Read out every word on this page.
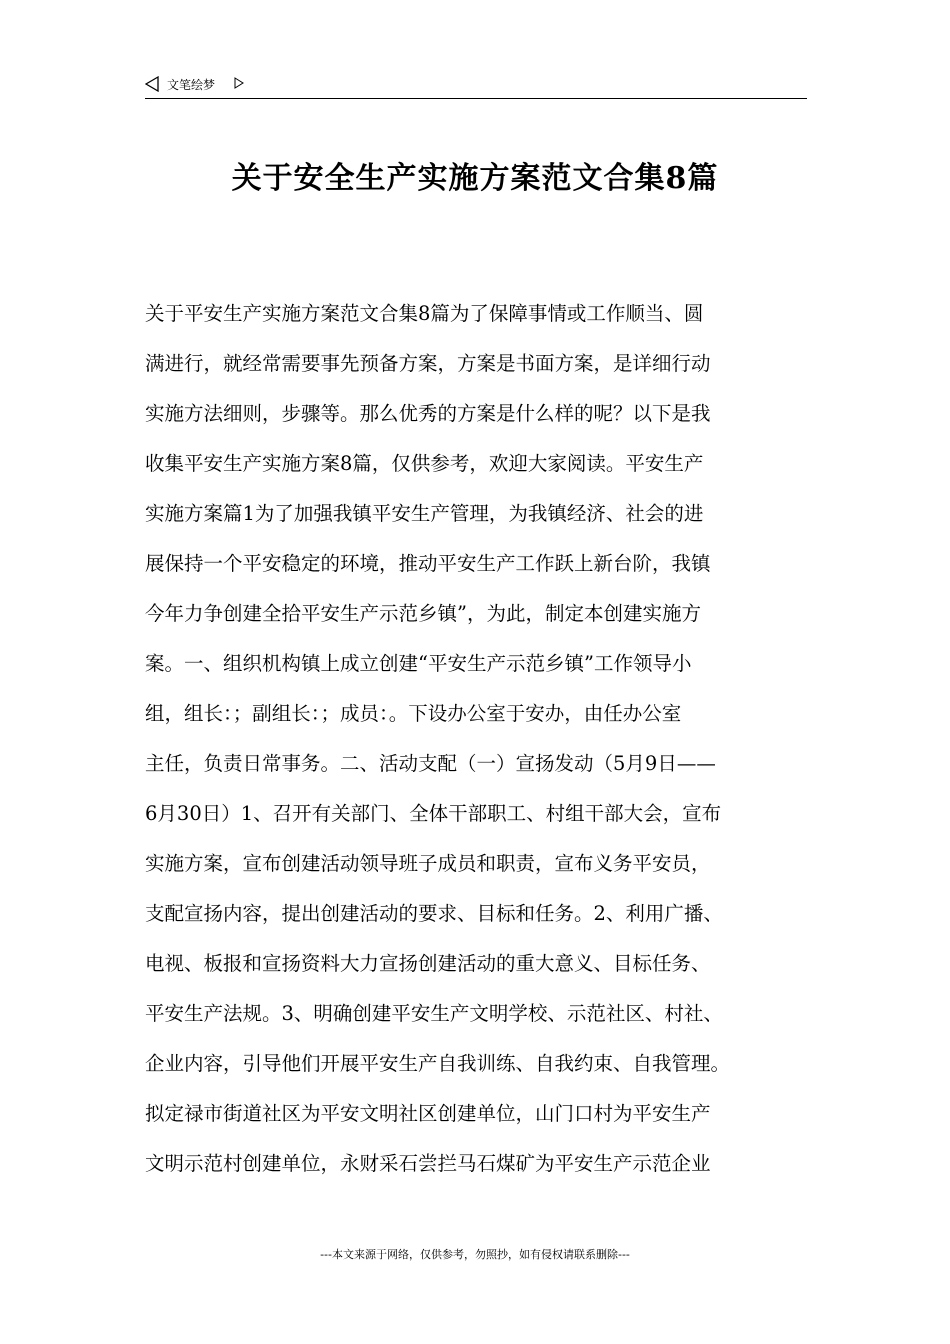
文笔绘梦
关于安全生产实施方案范文合集8篇
关于平安生产实施方案范文合集8篇为了保障事情或工作顺当、圆
满进行，就经常需要事先预备方案，方案是书面方案，是详细行动
实施方法细则，步骤等。那么优秀的方案是什么样的呢？以下是我
收集平安生产实施方案8篇，仅供参考，欢迎大家阅读。平安生产
实施方案篇1为了加强我镇平安生产管理，为我镇经济、社会的进
展保持一个平安稳定的环境，推动平安生产工作跃上新台阶，我镇
今年力争创建全拾平安生产示范乡镇”，为此，制定本创建实施方
案。一、组织机构镇上成立创建“平安生产示范乡镇”工作领导小
组，组长：；副组长：；成员：。下设办公室于安办，由任办公室
主任，负责日常事务。二、活动支配（一）宣扬发动（5月9日——
6月30日）1、召开有关部门、全体干部职工、村组干部大会，宣布
实施方案，宣布创建活动领导班子成员和职责，宣布义务平安员，
支配宣扬内容，提出创建活动的要求、目标和任务。2、利用广播、
电视、板报和宣扬资料大力宣扬创建活动的重大意义、目标任务、
平安生产法规。3、明确创建平安生产文明学校、示范社区、村社、
企业内容，引导他们开展平安生产自我训练、自我约束、自我管理。
拟定禄市街道社区为平安文明社区创建单位，山门口村为平安生产
文明示范村创建单位，永财采石尝拦马石煤矿为平安生产示范企业
---本文来源于网络，仅供参考，勿照抄，如有侵权请联系删除---
